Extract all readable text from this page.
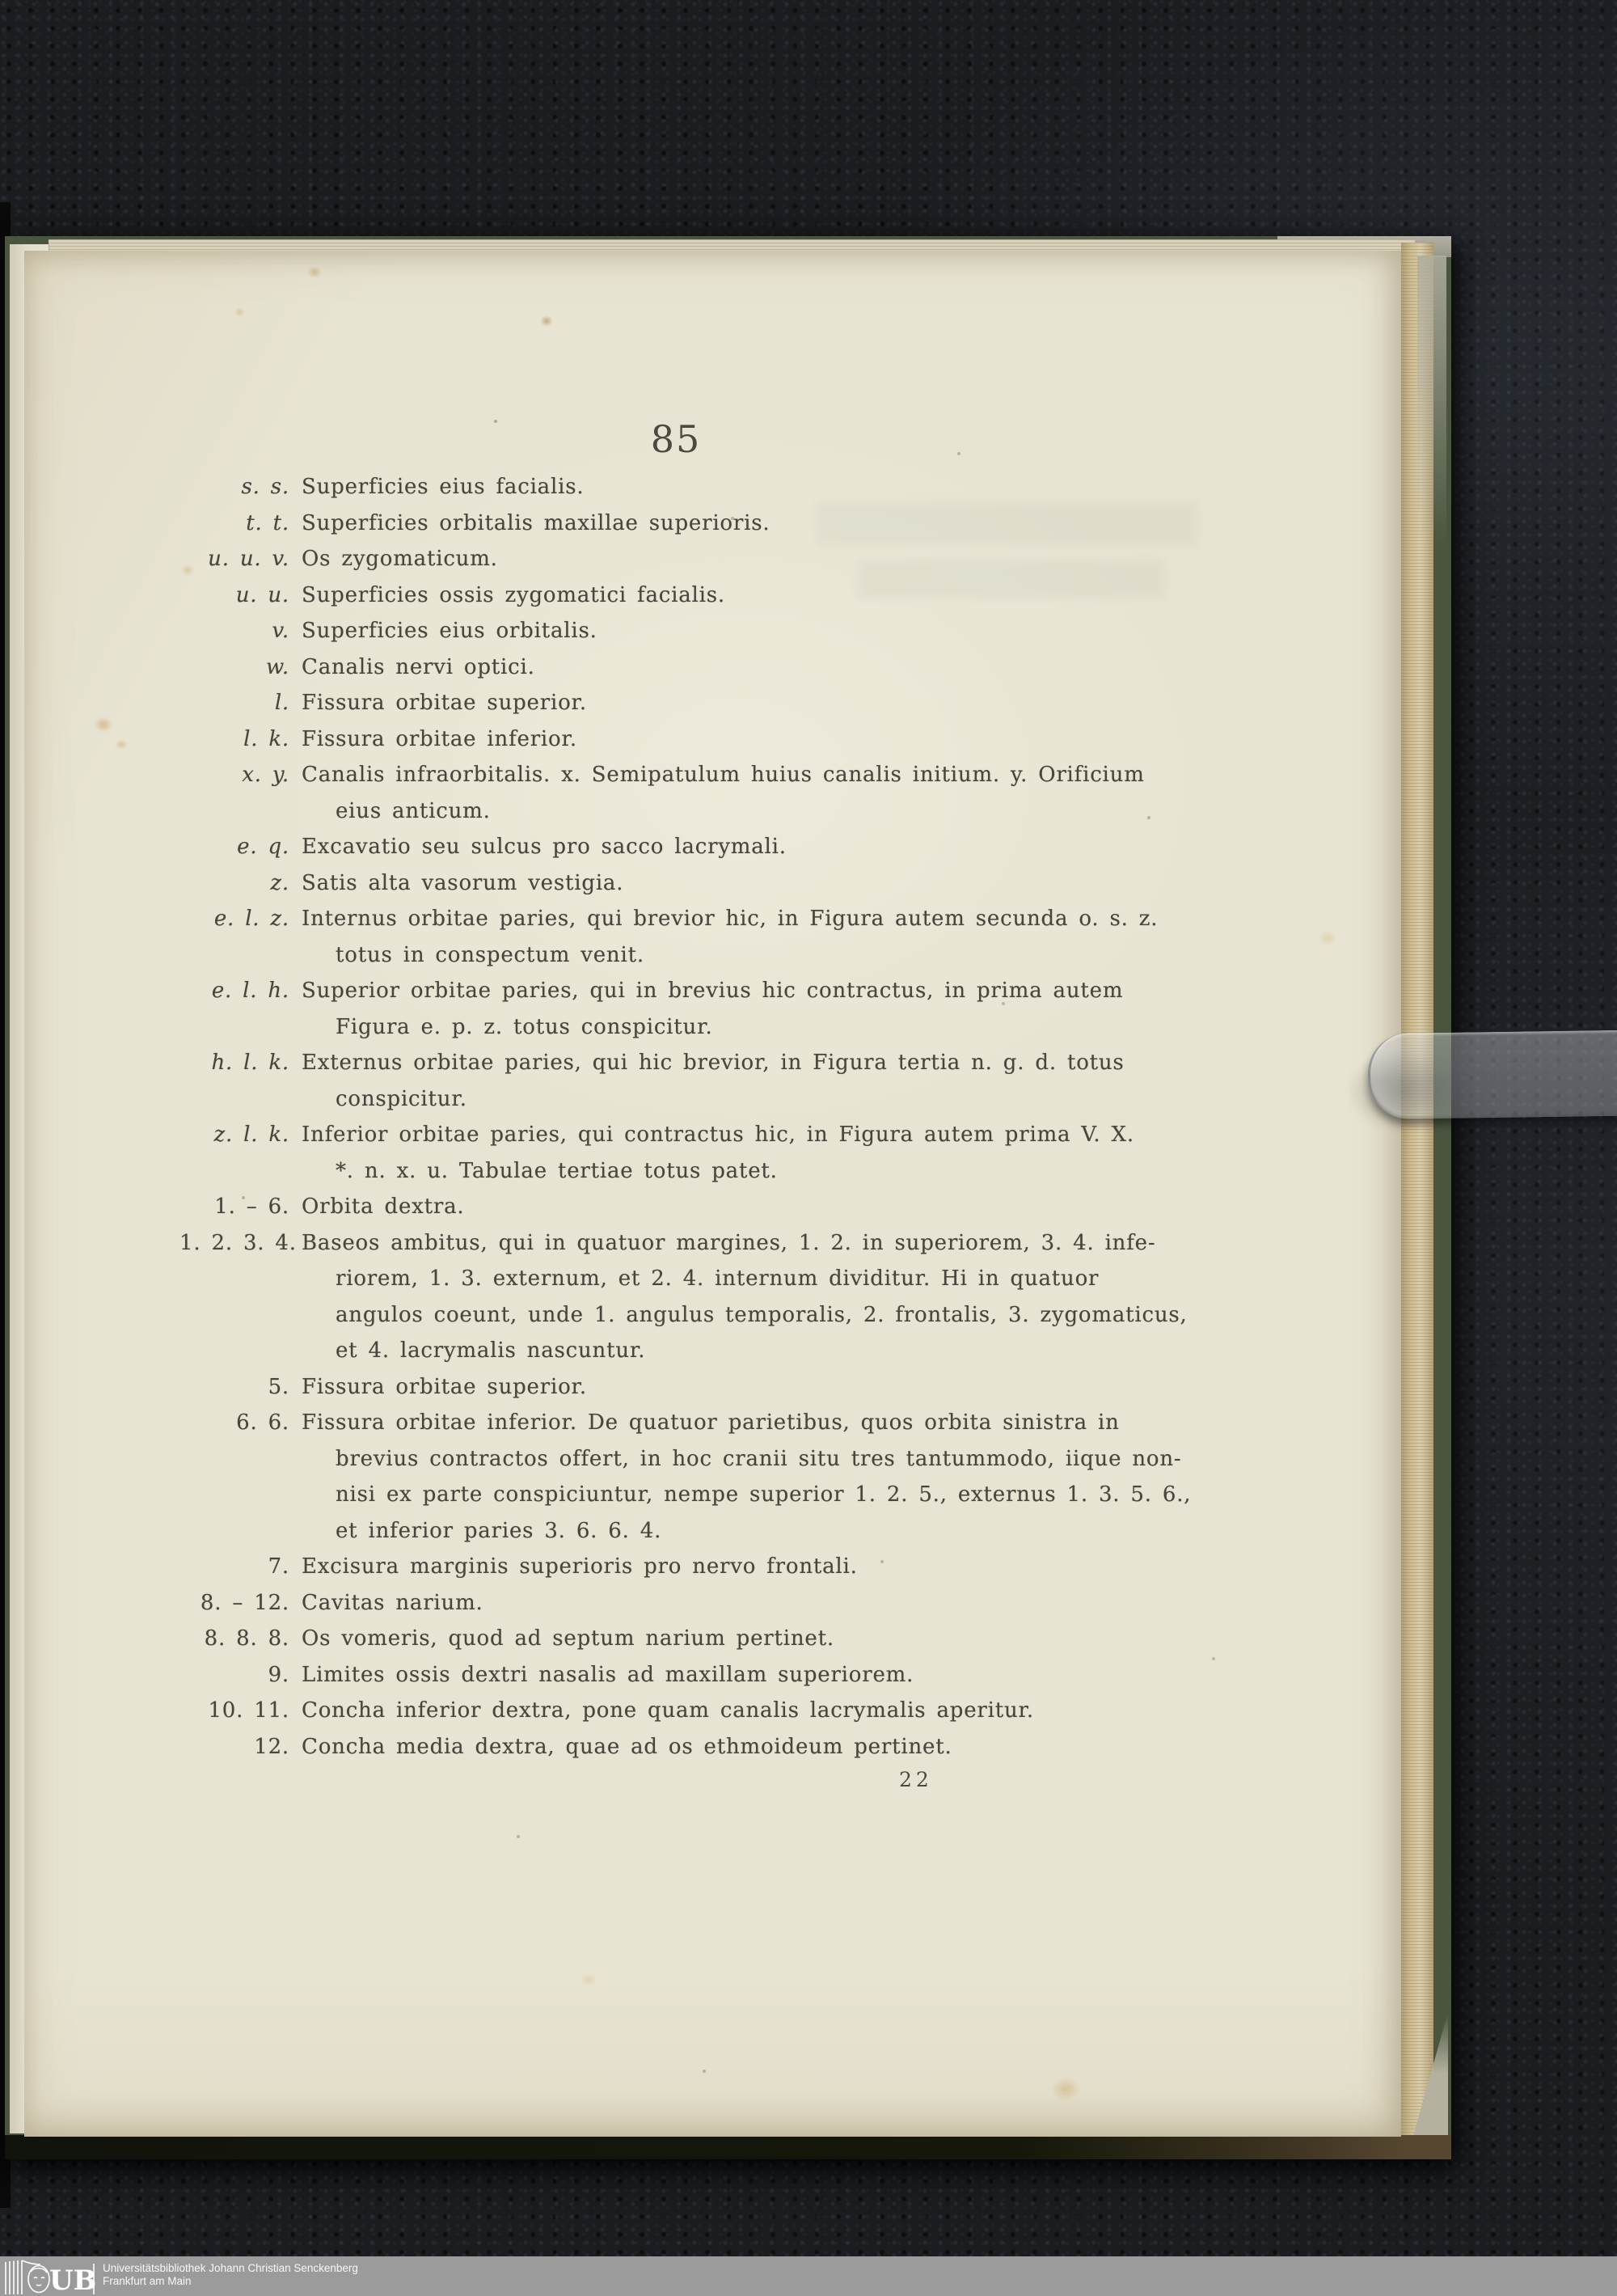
85
s. s. Superficies eius facialis.
t. t. Superficies orbitalis maxillae superioris.
u. u. v. Os zygomaticum.
u. u. Superficies ossis zygomatici facialis.
v. Superficies eius orbitalis.
w. Canalis nervi optici.
l. Fissura orbitae superior.
l. k. Fissura orbitae inferior.
x. y. Canalis infraorbitalis. x. Semipatulum huius canalis initium. y. Orificium
eius anticum.
e. q. Excavatio seu sulcus pro sacco lacrymali.
z. Satis alta vasorum vestigia.
e. l. z. Internus orbitae paries, qui brevior hic, in Figura autem secunda o. s. z.
totus in conspectum venit.
e. l. h. Superior orbitae paries, qui in brevius hic contractus, in prima autem
Figura e. p. z. totus conspicitur.
h. l. k. Externus orbitae paries, qui hic brevior, in Figura tertia n. g. d. totus
conspicitur.
z. l. k. Inferior orbitae paries, qui contractus hic, in Figura autem prima V. X.
*. n. x. u. Tabulae tertiae totus patet.
1. – 6. Orbita dextra.
1. 2. 3. 4. Baseos ambitus, qui in quatuor margines, 1. 2. in superiorem, 3. 4. infe-
riorem, 1. 3. externum, et 2. 4. internum dividitur. Hi in quatuor
angulos coeunt, unde 1. angulus temporalis, 2. frontalis, 3. zygomaticus,
et 4. lacrymalis nascuntur.
5. Fissura orbitae superior.
6. 6. Fissura orbitae inferior. De quatuor parietibus, quos orbita sinistra in
brevius contractos offert, in hoc cranii situ tres tantummodo, iique non-
nisi ex parte conspiciuntur, nempe superior 1. 2. 5., externus 1. 3. 5. 6.,
et inferior paries 3. 6. 6. 4.
7. Excisura marginis superioris pro nervo frontali.
8. – 12. Cavitas narium.
8. 8. 8. Os vomeris, quod ad septum narium pertinet.
9. Limites ossis dextri nasalis ad maxillam superiorem.
10. 11. Concha inferior dextra, pone quam canalis lacrymalis aperitur.
12. Concha media dextra, quae ad os ethmoideum pertinet.
22
UB Universitätsbibliothek Johann Christian Senckenberg
Frankfurt am Main
